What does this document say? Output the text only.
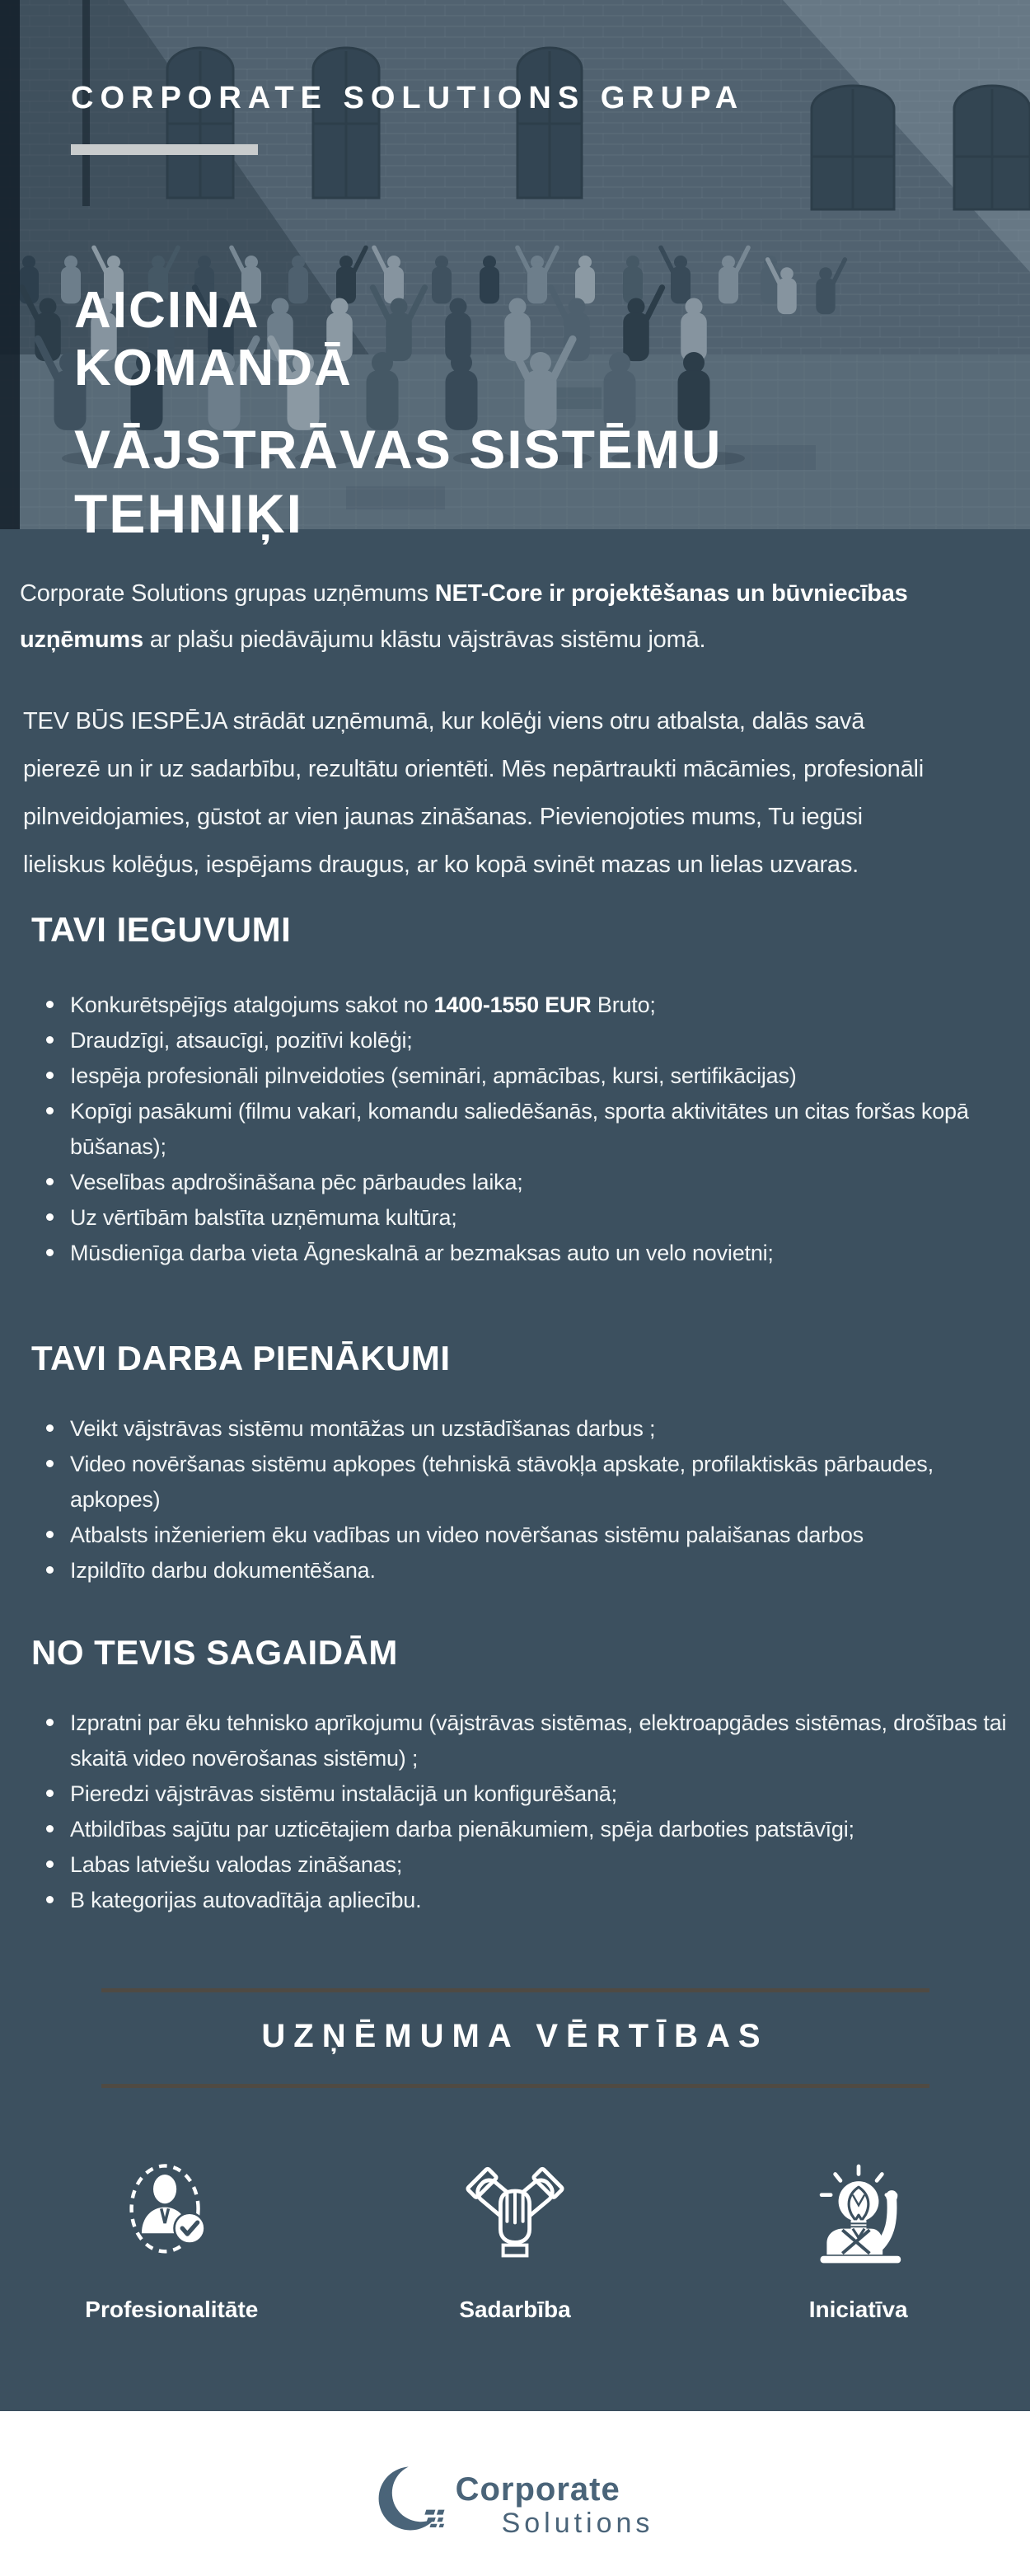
CORPORATE SOLUTIONS GRUPA
AICINA
KOMANDĀ
VĀJSTRĀVAS SISTĒMU
TEHNIĶI

Corporate Solutions grupas uzņēmums NET-Core ir projektēšanas un būvniecības uzņēmums ar plašu piedāvājumu klāstu vājstrāvas sistēmu jomā.

TEV BŪS IESPĒJA strādāt uzņēmumā, kur kolēģi viens otru atbalsta, dalās savā pierezē un ir uz sadarbību, rezultātu orientēti. Mēs nepārtraukti mācāmies, profesionāli pilnveidojamies, gūstot ar vien jaunas zināšanas. Pievienojoties mums, Tu iegūsi lieliskus kolēģus, iespējams draugus, ar ko kopā svinēt mazas un lielas uzvaras.

TAVI IEGUVUMI
Konkurētspējīgs atalgojums sakot no 1400-1550 EUR Bruto;
Draudzīgi, atsaucīgi, pozitīvi kolēģi;
Iespēja profesionāli pilnveidoties (semināri, apmācības, kursi, sertifikācijas)
Kopīgi pasākumi (filmu vakari, komandu saliedēšanās, sporta aktivitātes un citas foršas kopā būšanas);
Veselības apdrošināšana pēc pārbaudes laika;
Uz vērtībām balstīta uzņēmuma kultūra;
Mūsdienīga darba vieta Āgneskalnā ar bezmaksas auto un velo novietni;
TAVI DARBA PIENĀKUMI
Veikt vājstrāvas sistēmu montāžas un uzstādīšanas darbus ;
Video novēršanas sistēmu apkopes (tehniskā stāvokļa apskate, profilaktiskās pārbaudes, apkopes)
Atbalsts inženieriem ēku vadības un video novēršanas sistēmu palaišanas darbos
Izpildīto darbu dokumentēšana.
NO TEVIS SAGAIDĀM
Izpratni par ēku tehnisko aprīkojumu (vājstrāvas sistēmas, elektroapgādes sistēmas, drošības tai skaitā video novērošanas sistēmu) ;
Pieredzi vājstrāvas sistēmu instalācijā un konfigurēšanā;
Atbildības sajūtu par uzticētajiem darba pienākumiem, spēja darboties patstāvīgi;
Labas latviešu valodas zināšanas;
B kategorijas autovadītāja apliecību.
UZŅĒMUMA VĒRTĪBAS
Profesionalitāte	Sadarbība	Iniciatīva
Corporate
Solutions
